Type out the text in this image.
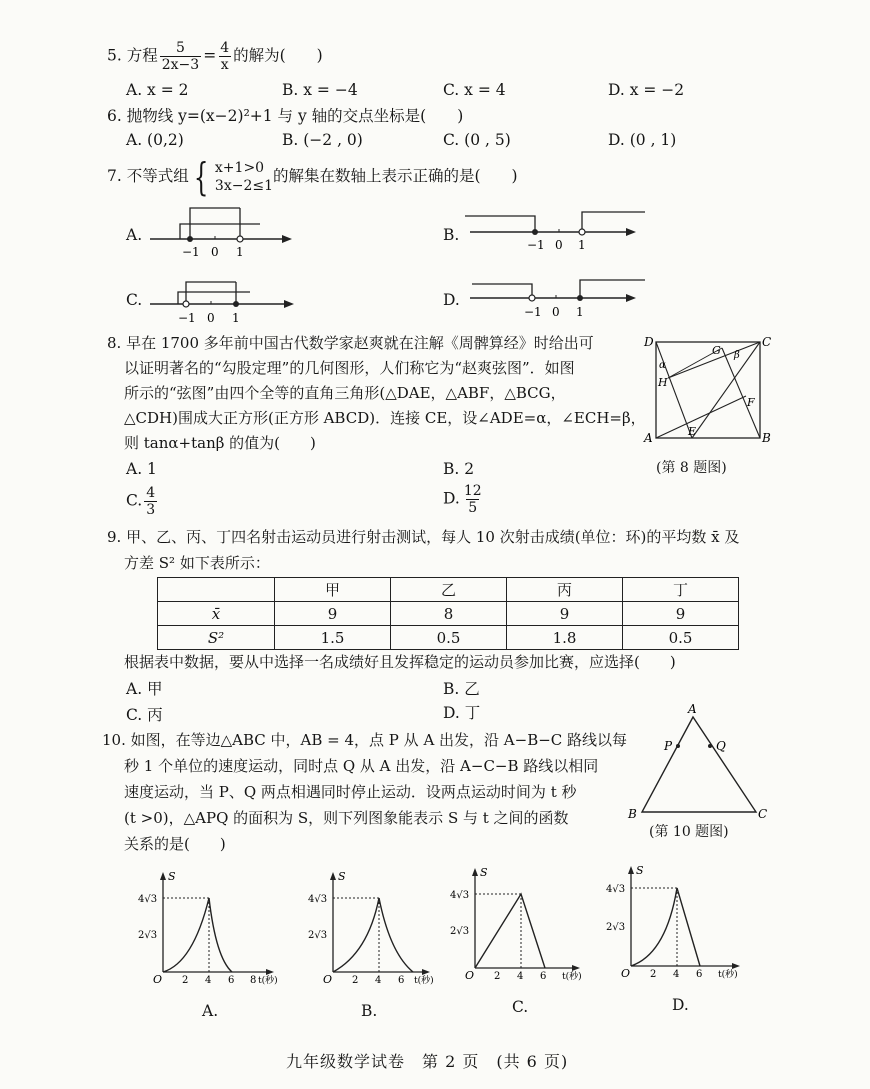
5. 方程 $\frac{5}{2x-3} = \frac{4}{x}$ 的解为(　　)
A. x = 2	B. x = −4	C. x = 4	D. x = −2
6. 抛物线 y=(x−2)²+1 与 y 轴的交点坐标是(　　)
A. (0,2)	B. (−2 , 0)	C. (0 , 5)	D. (0 , 1)
7. 不等式组 { x+1>0
3x−2≤1
的解集在数轴上表示正确的是(　　)
A.
−1 0 1
B.
−1 0 1
C.
−1 0 1
D.
−1 0 1
8. 早在 1700 多年前中国古代数学家赵爽就在注解《周髀算经》时给出可
以证明著名的“勾股定理”的几何图形，人们称它为“赵爽弦图”．如图
所示的“弦图”由四个全等的直角三角形(△DAE，△ABF，△BCG，
△CDH)围成大正方形(正方形 ABCD)．连接 CE，设∠ADE=α，∠ECH=β，
则 tanα+tanβ 的值为(　　)
A. 1	B. 2
C. $\frac{4}{3}$	D. $\frac{12}{5}$
D	C
A	B
E
F
G
H
α
β
(第 8 题图)
9. 甲、乙、丙、丁四名射击运动员进行射击测试，每人 10 次射击成绩(单位：环)的平均数 x̄ 及
方差 S² 如下表所示：
	甲	乙	丙	丁
x̄	9	8	9	9
S²	1.5	0.5	1.8	0.5
根据表中数据，要从中选择一名成绩好且发挥稳定的运动员参加比赛，应选择(　　)
A. 甲	B. 乙
C. 丙	D. 丁
10. 如图，在等边△ABC 中，AB = 4，点 P 从 A 出发，沿 A−B−C 路线以每
秒 1 个单位的速度运动，同时点 Q 从 A 出发，沿 A−C−B 路线以相同
速度运动，当 P、Q 两点相遇同时停止运动．设两点运动时间为 t 秒
(t >0)，△APQ 的面积为 S，则下列图象能表示 S 与 t 之间的函数
关系的是(　　)
A
B	C
P	Q
(第 10 题图)
S
4√3
2√3
O 2 4 6 8 t(秒)
A.
S
4√3
2√3
O 2 4 6 t(秒)
B.
S
4√3
2√3
O 2 4 6 t(秒)
C.
S
4√3
2√3
O 2 4 6 t(秒)
D.
九年级数学试卷　第 2 页　(共 6 页)
